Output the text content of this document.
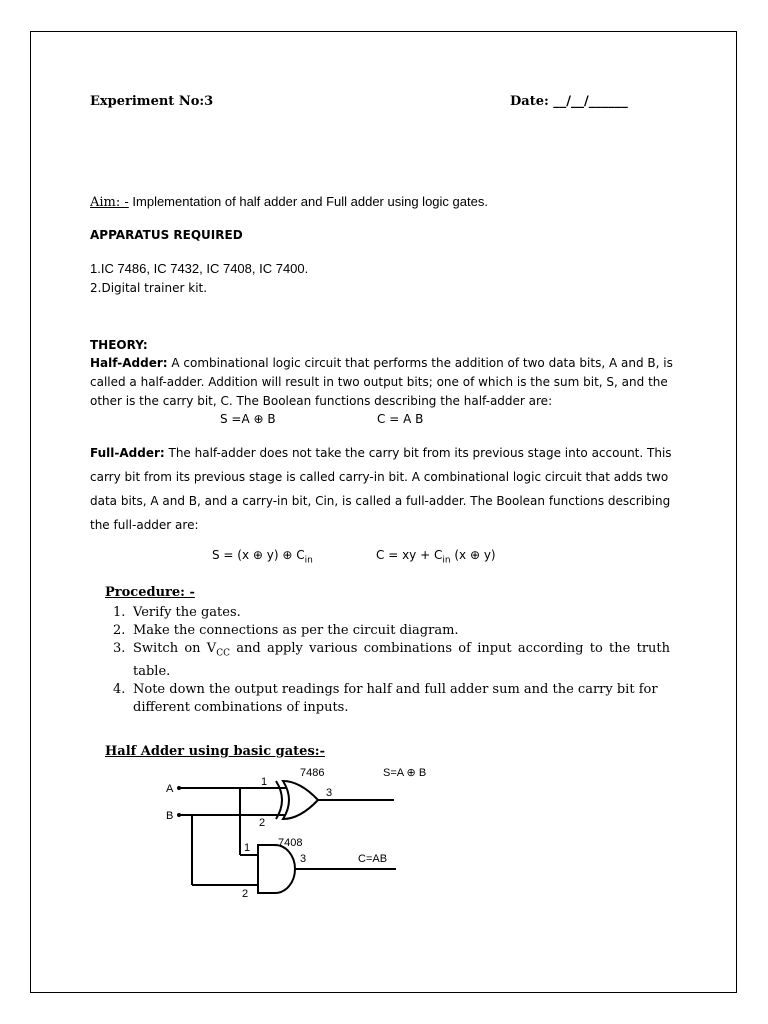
Experiment No:3	Date: __/__/______
Aim: - Implementation of half adder and Full adder using logic gates.
APPARATUS REQUIRED
1.IC 7486, IC 7432, IC 7408, IC 7400.
2.Digital trainer kit.
THEORY:
Half-Adder: A combinational logic circuit that performs the addition of two data bits, A and B, is called a half-adder. Addition will result in two output bits; one of which is the sum bit, S, and the other is the carry bit, C. The Boolean functions describing the half-adder are:
S =A ⊕ B	C = A B
Full-Adder: The half-adder does not take the carry bit from its previous stage into account. This carry bit from its previous stage is called carry-in bit. A combinational logic circuit that adds two data bits, A and B, and a carry-in bit, Cin, is called a full-adder. The Boolean functions describing the full-adder are:
S = (x ⊕ y) ⊕ $C_{in}$	C = xy + $C_{in}$ (x ⊕ y)
Procedure: -
1. Verify the gates.
2. Make the connections as per the circuit diagram.
3. Switch on $V_{CC}$ and apply various combinations of input according to the truth table.
4. Note down the output readings for half and full adder sum and the carry bit for different combinations of inputs.
Half Adder using basic gates:-
A
B
7486
1
2
3
S=A ⊕ B
7408
1
2
3	C=AB
